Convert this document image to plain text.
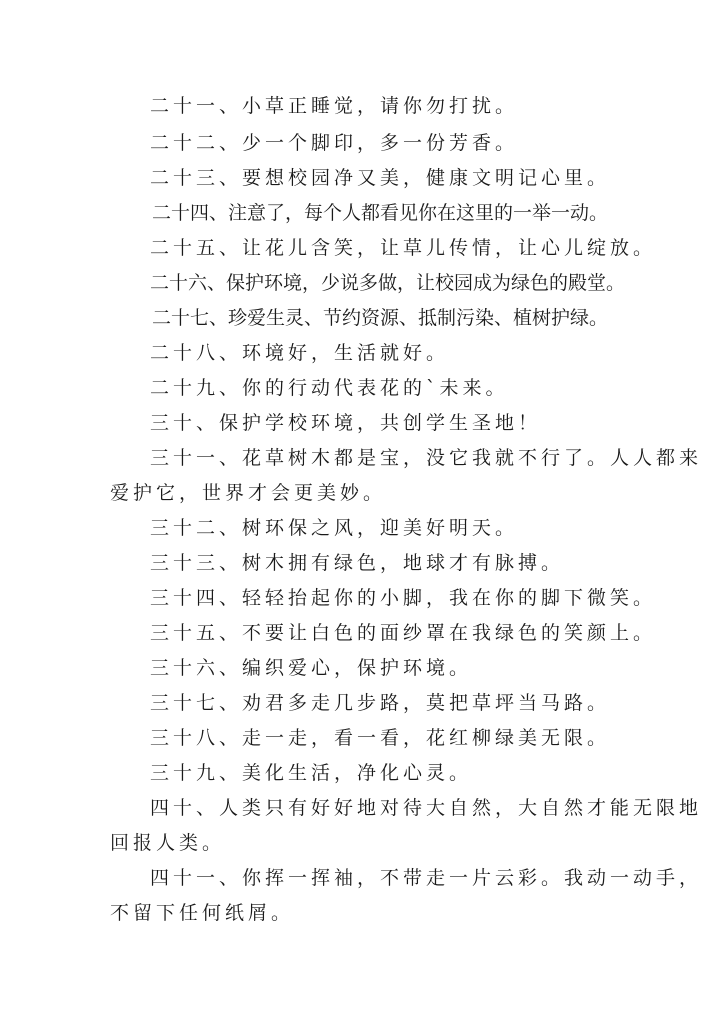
二十一、小草正睡觉，请你勿打扰。
二十二、少一个脚印，多一份芳香。
二十三、要想校园净又美，健康文明记心里。
二十四、注意了，每个人都看见你在这里的一举一动。
二十五、让花儿含笑，让草儿传情，让心儿绽放。
二十六、保护环境，少说多做，让校园成为绿色的殿堂。
二十七、珍爱生灵、节约资源、抵制污染、植树护绿。
二十八、环境好，生活就好。
二十九、你的行动代表花的`未来。
三十、保护学校环境，共创学生圣地！
三十一、花草树木都是宝，没它我就不行了。人人都来
爱护它，世界才会更美妙。
三十二、树环保之风，迎美好明天。
三十三、树木拥有绿色，地球才有脉搏。
三十四、轻轻抬起你的小脚，我在你的脚下微笑。
三十五、不要让白色的面纱罩在我绿色的笑颜上。
三十六、编织爱心，保护环境。
三十七、劝君多走几步路，莫把草坪当马路。
三十八、走一走，看一看，花红柳绿美无限。
三十九、美化生活，净化心灵。
四十、人类只有好好地对待大自然，大自然才能无限地
回报人类。
四十一、你挥一挥袖，不带走一片云彩。我动一动手，
不留下任何纸屑。
